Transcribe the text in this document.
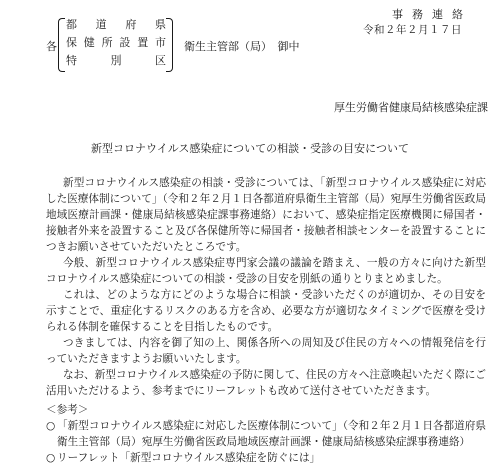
事務連絡
令和２年２月１７日
各
都道府県
保健所設置市
特別区
衛生主管部（局）　御中
厚生労働省健康局結核感染症課
新型コロナウイルス感染症についての相談・受診の目安について

新型コロナウイルス感染症の相談・受診については、「新型コロナウイルス感染症に対応した医療体制について」（令和２年２月１日各都道府県衛生主管部（局）宛厚生労働省医政局地域医療計画課・健康局結核感染症課事務連絡）において、感染症指定医療機関に帰国者・接触者外来を設置すること及び各保健所等に帰国者・接触者相談センターを設置することにつきお願いさせていただいたところです。

今般、新型コロナウイルス感染症専門家会議の議論を踏まえ、一般の方々に向けた新型コロナウイルス感染症についての相談・受診の目安を別紙の通りとりまとめました。

これは、どのような方にどのような場合に相談・受診いただくのが適切か、その目安を示すことで、重症化するリスクのある方を含め、必要な方が適切なタイミングで医療を受けられる体制を確保することを目指したものです。

つきましては、内容を御了知の上、関係各所への周知及び住民の方々への情報発信を行っていただきますようお願いいたします。

なお、新型コロナウイルス感染症の予防に関して、住民の方々へ注意喚起いただく際にご活用いただけるよう、参考までにリーフレットも改めて送付させていただきます。

＜参考＞

○ 「新型コロナウイルス感染症に対応した医療体制について」（令和２年２月１日各都道府県衛生主管部（局）宛厚生労働省医政局地域医療計画課・健康局結核感染症課事務連絡）
○ リーフレット「新型コロナウイルス感染症を防ぐには」
